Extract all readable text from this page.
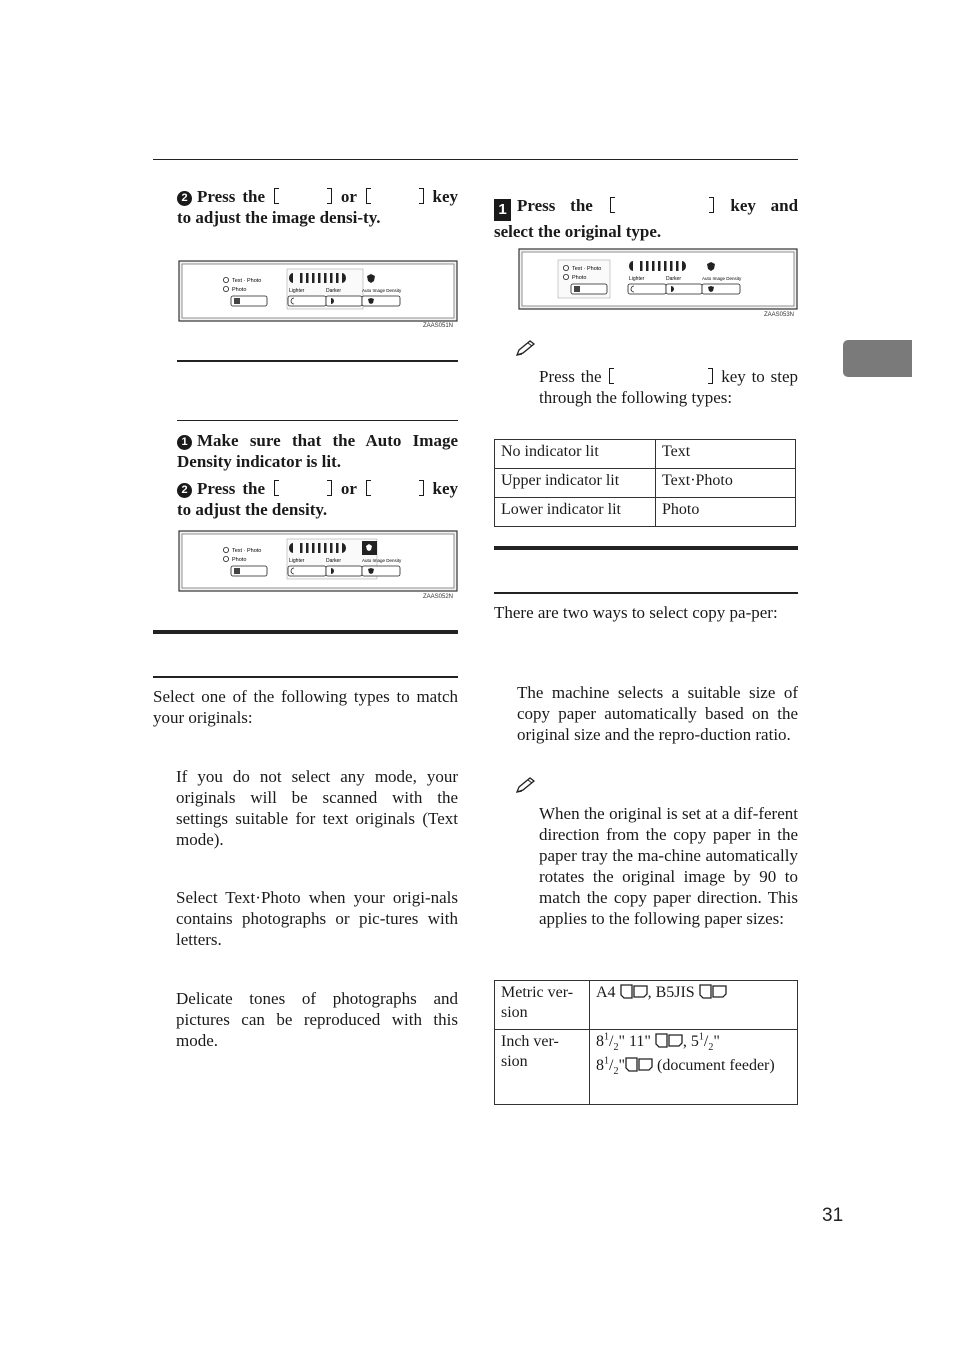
2 Press the	or	key to adjust the image densi-ty.
Text · Photo
Photo	Lighter	Darker	Auto Image Density
ZAAS051N
1 Make sure that the Auto Image Density indicator is lit.
2 Press the	or	key to adjust the density.
Text · Photo
Photo	Lighter	Darker	Auto Image Density
ZAAS052N
Select one of the following types to match your originals:
If you do not select any mode, your originals will be scanned with the settings suitable for text originals (Text mode).
Select Text·Photo when your origi-nals contains photographs or pic-tures with letters.
Delicate tones of photographs and pictures can be reproduced with this mode.
1 Press the	key and select the original type.
Text · Photo
Photo	Lighter	Darker	Auto Image Density
ZAAS053N
Press the	key to step through the following types:
No indicator lit	Text
Upper indicator lit	Text·Photo
Lower indicator lit	Photo
There are two ways to select copy pa-per:
The machine selects a suitable size of copy paper automatically based on the original size and the repro-duction ratio.
When the original is set at a dif-ferent direction from the copy paper in the paper tray the ma-chine automatically rotates the original image by 90 to match the copy paper direction. This applies to the following paper sizes:
Metric ver-sion	A4 , B5JIS
Inch ver-sion	$8^1/_2$" 11" , $5^1/_2$"
$8^1/_2$" (document feeder)
31
